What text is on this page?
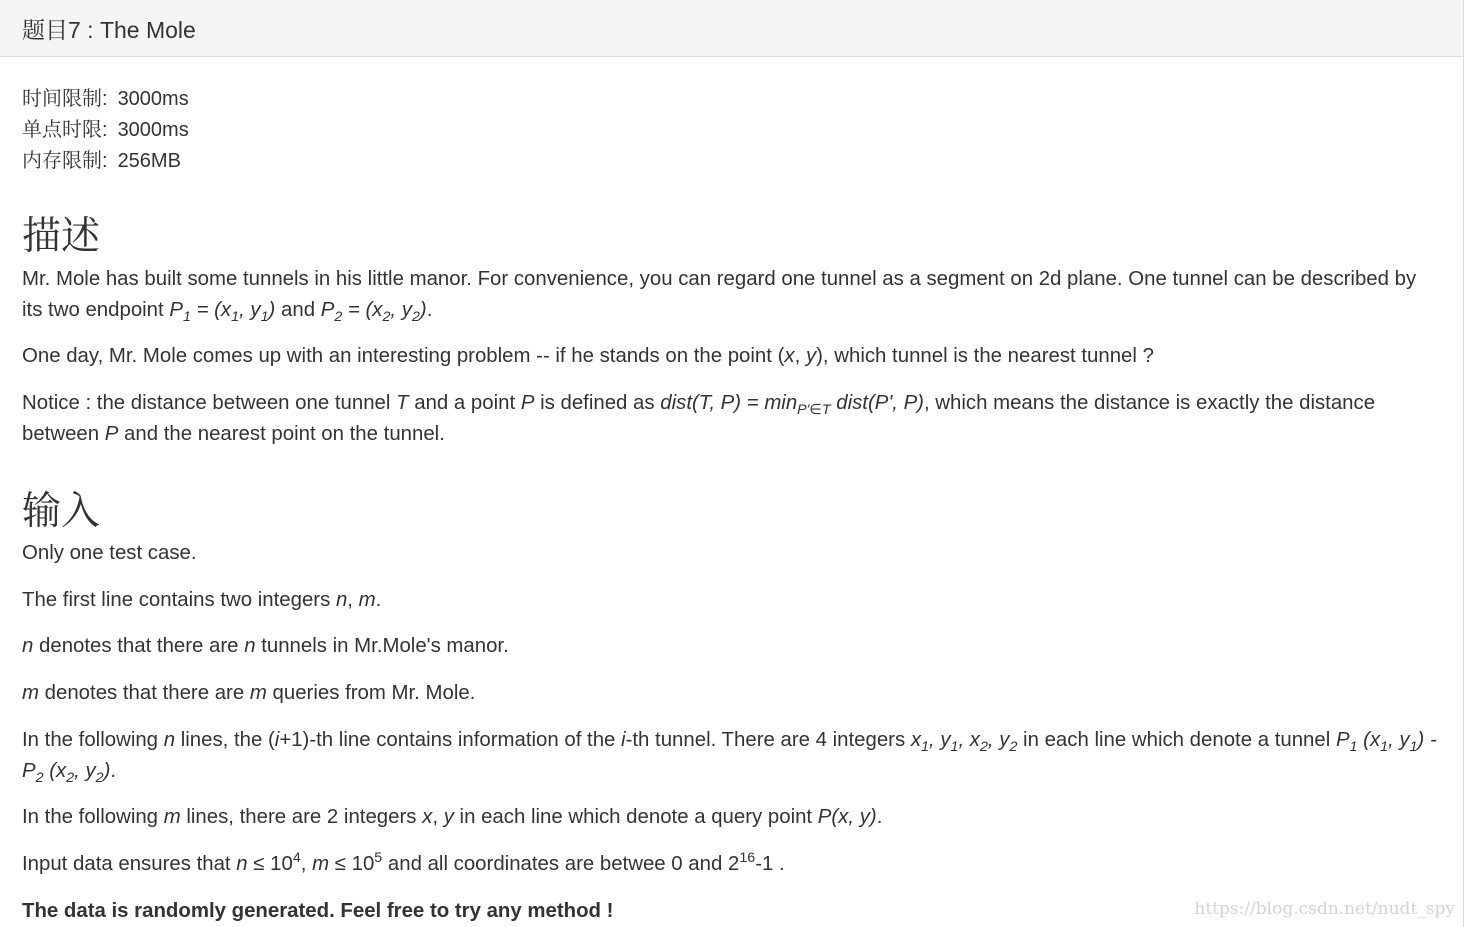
题目7 : The Mole
时间限制: 3000ms
单点时限: 3000ms
内存限制: 256MB
描述

Mr. Mole has built some tunnels in his little manor. For convenience, you can regard one tunnel as a segment on 2d plane. One tunnel can be described by its two endpoint $P_1 = (x_1$, $y_1$) and $P_2 = (x_2$, $y_2$).

One day, Mr. Mole comes up with an interesting problem -- if he stands on the point (x, y), which tunnel is the nearest tunnel ?

Notice : the distance between one tunnel T and a point P is defined as dist(T, $P) = \min_{P'\in T}$ dist(P', P), which means the distance is exactly the distance between P and the nearest point on the tunnel.

输入

Only one test case.

The first line contains two integers n, m.

n denotes that there are n tunnels in Mr.Mole's manor.

m denotes that there are m queries from Mr. Mole.

In the following n lines, the (i+1)-th line contains information of the i-th tunnel. There are 4 integers $x_1$, $y_1$, $x_2$, $y_2$ in each line which denote a tunnel $P_1$ ($x_1$, $y_1) - P_2$ ($x_2$, $y_2$).

In the following m lines, there are 2 integers x, y in each line which denote a query point P(x, y).

Input data ensures that $n \le 10^4$, $m \le 10^5$ and all coordinates are betwee 0 and $2^{16}-1$ .

The data is randomly generated. Feel free to try any method !	https://blog.csdn.net/nudt_spy
